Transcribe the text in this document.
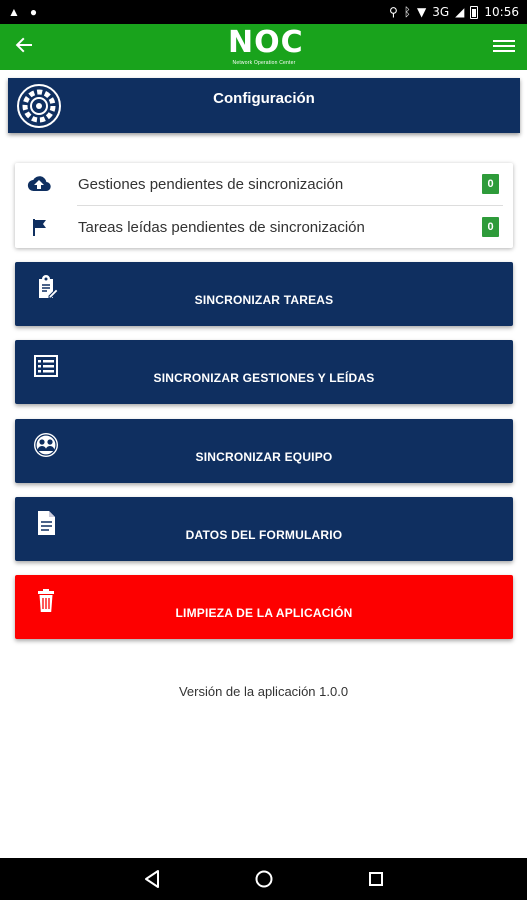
▲ ●	⚲ ᛒ ▼ 3G ◢ 10:56
NOC
Network Operation Center
Configuración
Gestiones pendientes de sincronización	0
Tareas leídas pendientes de sincronización	0
SINCRONIZAR TAREAS
SINCRONIZAR GESTIONES Y LEÍDAS
SINCRONIZAR EQUIPO
DATOS DEL FORMULARIO
LIMPIEZA DE LA APLICACIÓN
Versión de la aplicación 1.0.0
